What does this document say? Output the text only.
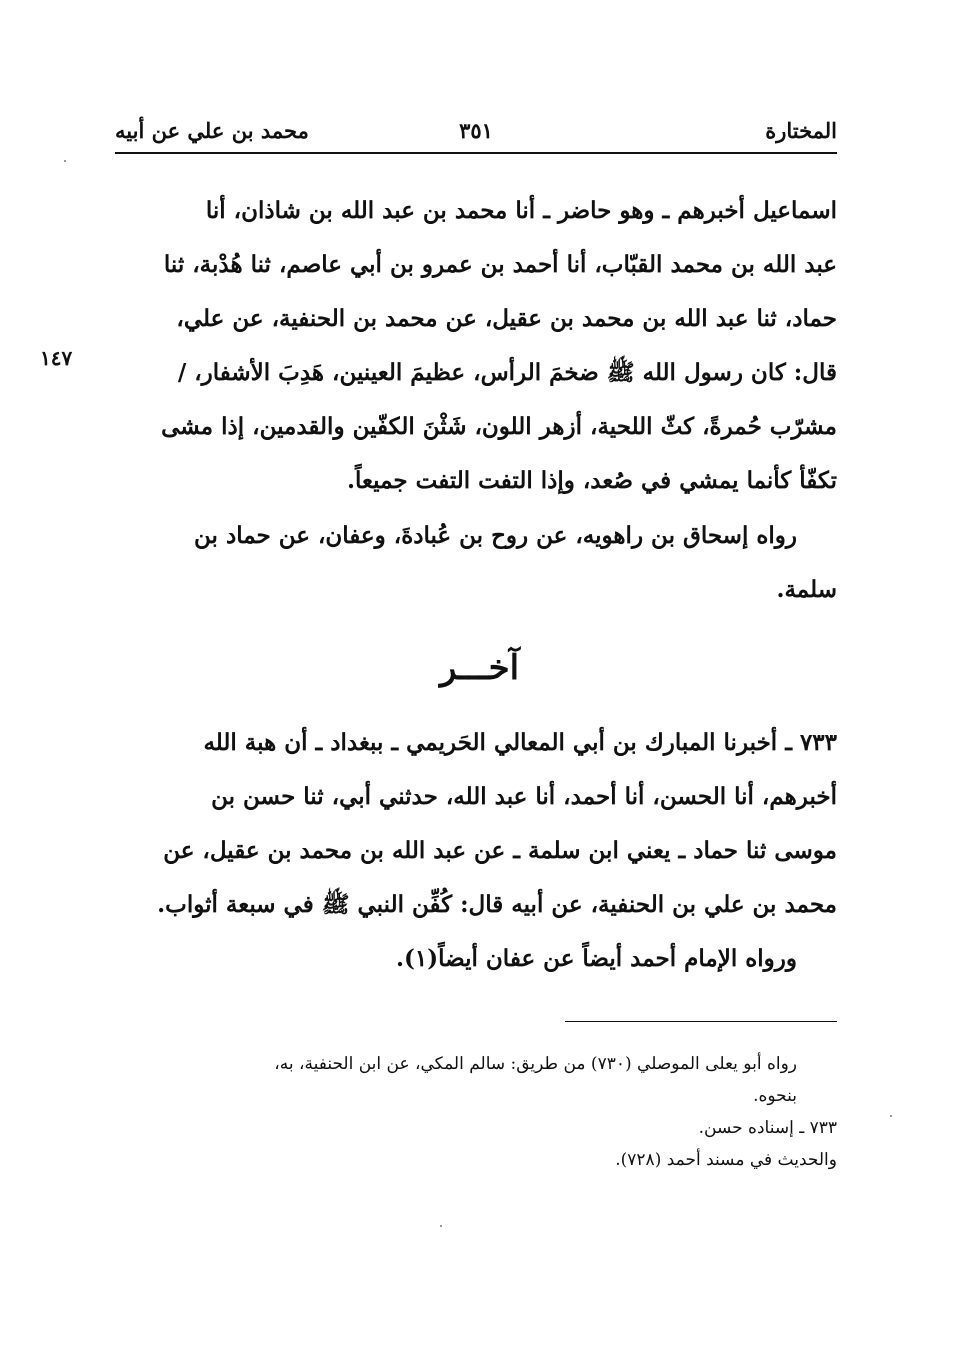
المختارة
٣٥١
محمد بن علي عن أبيه

اسماعيل أخبرهم ـ وهو حاضر ـ أنا محمد بن عبد الله بن شاذان، أنا

عبد الله بن محمد القبّاب، أنا أحمد بن عمرو بن أبي عاصم، ثنا هُدْبة، ثنا

حماد، ثنا عبد الله بن محمد بن عقيل، عن محمد بن الحنفية، عن علي،

قال: كان رسول الله ﷺ ضخمَ الرأس، عظيمَ العينين، هَدِبَ الأشفار، /

مشرّب حُمرةً، كثّ اللحية، أزهر اللون، شَثْنَ الكفّين والقدمين، إذا مشى

تكفّأ كأنما يمشي في صُعد، وإذا التفت التفت جميعاً.

١٤٧

رواه إسحاق بن راهويه، عن روح بن عُبادةَ، وعفان، عن حماد بن

سلمة.

آخـــر

٧٣٣ ـ أخبرنا المبارك بن أبي المعالي الحَريمي ـ ببغداد ـ أن هبة الله

أخبرهم، أنا الحسن، أنا أحمد، أنا عبد الله، حدثني أبي، ثنا حسن بن

موسى ثنا حماد ـ يعني ابن سلمة ـ عن عبد الله بن محمد بن عقيل، عن

محمد بن علي بن الحنفية، عن أبيه قال: كُفِّن النبي ﷺ في سبعة أثواب.

ورواه الإمام أحمد أيضاً عن عفان أيضاً(١).

رواه أبو يعلى الموصلي (٧٣٠) من طريق: سالم المكي، عن ابن الحنفية، به،

بنحوه.

٧٣٣ ـ إسناده حسن.

والحديث في مسند أحمد (٧٢٨).
